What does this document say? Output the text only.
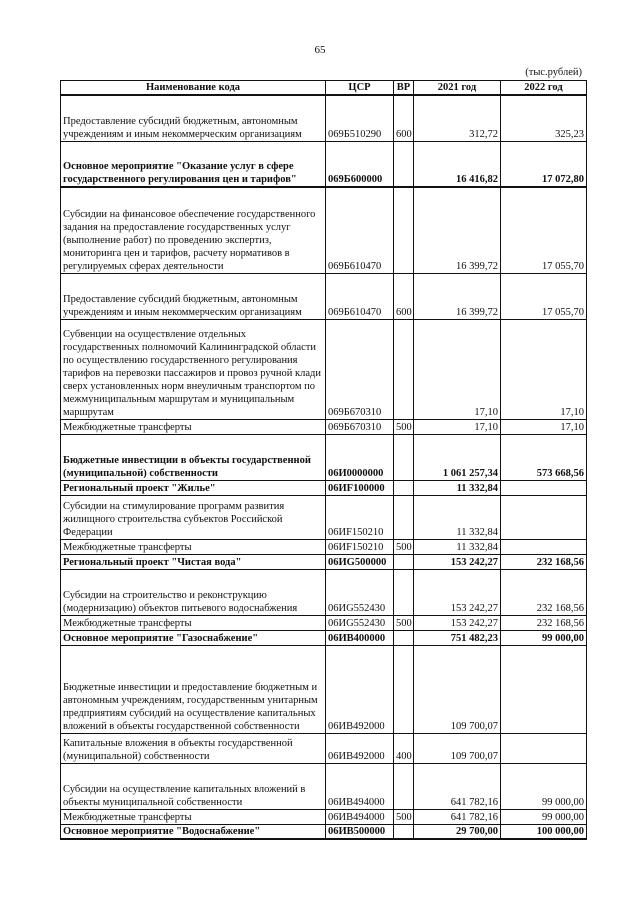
65
(тыс.рублей)
Наименование кода	ЦСР	ВР	2021 год	2022 год
Предоставление субсидий бюджетным, автономным учреждениям и иным некоммерческим организациям	069Б510290	600	312,72	325,23
Основное мероприятие "Оказание услуг в сфере государственного регулирования цен и тарифов"	069Б600000		16 416,82	17 072,80
Субсидии на финансовое обеспечение государственного задания на предоставление государственных услуг (выполнение работ) по проведению экспертиз, мониторинга цен и тарифов, расчету нормативов в регулируемых сферах деятельности	069Б610470		16 399,72	17 055,70
Предоставление субсидий бюджетным, автономным учреждениям и иным некоммерческим организациям	069Б610470	600	16 399,72	17 055,70
Субвенции на осуществление отдельных государственных полномочий Калининградской области по осуществлению государственного регулирования тарифов на перевозки пассажиров и провоз ручной клади сверх установленных норм внеуличным транспортом по межмуниципальным маршрутам и муниципальным маршрутам	069Б670310		17,10	17,10
Межбюджетные трансферты	069Б670310	500	17,10	17,10
Бюджетные инвестиции в объекты государственной (муниципальной) собственности	06И0000000		1 061 257,34	573 668,56
Региональный проект "Жилье"	06ИF100000		11 332,84	
Субсидии на стимулирование программ развития жилищного строительства субъектов Российской Федерации	06ИF150210		11 332,84	
Межбюджетные трансферты	06ИF150210	500	11 332,84	
Региональный проект "Чистая вода"	06ИG500000		153 242,27	232 168,56
Субсидии на строительство и реконструкцию (модернизацию) объектов питьевого водоснабжения	06ИG552430		153 242,27	232 168,56
Межбюджетные трансферты	06ИG552430	500	153 242,27	232 168,56
Основное мероприятие "Газоснабжение"	06ИВ400000		751 482,23	99 000,00
Бюджетные инвестиции и предоставление бюджетным и автономным учреждениям, государственным унитарным предприятиям субсидий на осуществление капитальных вложений в объекты государственной собственности	06ИВ492000		109 700,07	
Капитальные вложения в объекты государственной (муниципальной) собственности	06ИВ492000	400	109 700,07	
Субсидии на осуществление капитальных вложений в объекты муниципальной собственности	06ИВ494000		641 782,16	99 000,00
Межбюджетные трансферты	06ИВ494000	500	641 782,16	99 000,00
Основное мероприятие "Водоснабжение"	06ИВ500000		29 700,00	100 000,00
